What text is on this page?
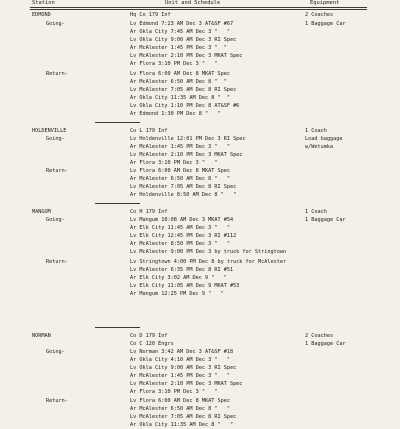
Station	Unit and Schedule	Equipment
EDMOND	Hq Co 179 Inf	2 Coaches
Going-	Lv Edmond 7:23 AM Dec 3 AT&SF #67	1 Baggage Car
Ar Okla City 7:45 AM Dec 3 "   "
Lv Okla City 9:00 AM Dec 3 RI Spec
Ar McAlester 1:45 PM Dec 3 "  "
Lv McAlester 2:10 PM Dec 3 MKAT Spec
Ar Flora 3:10 PM Dec 3 "   "
Return-	Lv Flora 6:00 AM Dec 8 MKAT Spec
Ar McAlester 6:50 AM Dec 8 "  "
Lv McAlester 7:05 AM Dec 8 RI Spec
Ar Okla City 11:35 AM Dec 8 "  "
Lv Okla City 1:10 PM Dec 8 AT&SF #6
Ar Edmond 1:30 PM Dec 8 "   "
HOLDENVILLE	Co L 179 Inf	1 Coach
Going-	Lv Holdenville 12:01 PM Dec 3 RI Spec	Load baggage
Ar McAlester 1:45 PM Dec 3 "   "	w/Wetumka
Lv McAlester 2:10 PM Dec 3 MKAT Spec
Ar Flora 3:10 PM Dec 3 "   "
Return-	Lv Flora 6:00 AM Dec 8 MKAT Spec
Ar McAlester 6:50 AM Dec 8 "   "
Lv McAlester 7:05 AM Dec 8 RI Spec
Ar Holdenville 8:50 AM Dec 8 "   "
MANGUM	Co H 179 Inf	1 Coach
Going-	Lv Mangum 10:08 AM Dec 3 MKAT #54	1 Baggage Car
Ar Elk City 11:45 AM Dec 3 "   "
Lv Elk City 12:45 PM Dec 3 RI #112
Ar McAlester 8:50 PM Dec 3 "   "
Lv McAlester 9:00 PM Dec 3 by truck for Stringtown
Return-	Lv Stringtown 4:00 PM Dec 8 by truck for McAlester
Lv McAlester 6:35 PM Dec 8 RI #51
Ar Elk City 3:02 AM Dec 9 "   "
Lv Elk City 11:05 AM Dec 9 MKAT #53
Ar Mangum 12:25 PM Dec 9 "   "
NORMAN	Co D 179 Inf	2 Coaches
Co C 120 Engrs	1 Baggage Car
Going-	Lv Norman 3:42 AM Dec 3 AT&SF #18
Ar Okla City 4:10 AM Dec 3 "   "
Lv Okla City 9:00 AM Dec 3 RI Spec
Ar McAlester 1:45 PM Dec 3 "   "
Lv McAlester 2:10 PM Dec 3 MKAT Spec
Ar Flora 3:10 PM Dec 3 "   "
Return-	Lv Flora 6:00 AM Dec 8 MKAT Spec
Ar McAlester 6:50 AM Dec 8 "   "
Lv McAlester 7:05 AM Dec 8 RI Spec
Ar Okla City 11:35 AM Dec 8 "   "
